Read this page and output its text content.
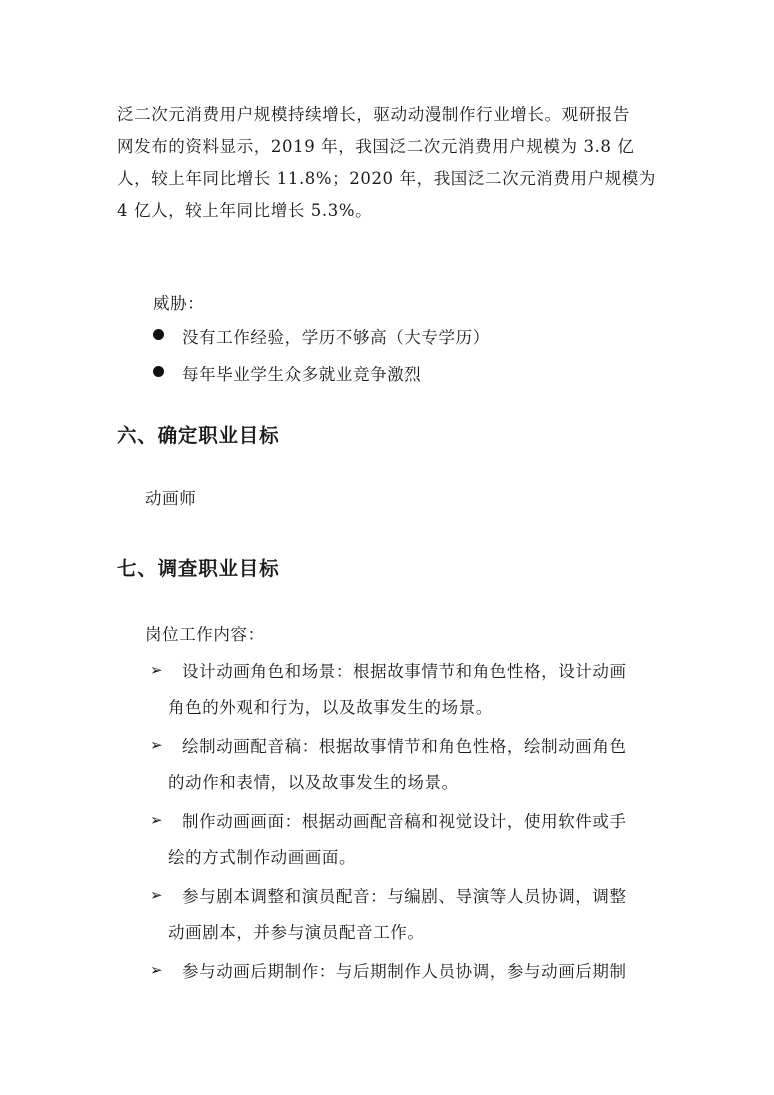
泛二次元消费用户规模持续增长，驱动动漫制作行业增长。观研报告
网发布的资料显示，2019 年，我国泛二次元消费用户规模为 3.8 亿
人，较上年同比增长 11.8%；2020 年，我国泛二次元消费用户规模为
4 亿人，较上年同比增长 5.3%。
威胁：
没有工作经验，学历不够高（大专学历）
每年毕业学生众多就业竞争激烈
六、确定职业目标
动画师
七、调查职业目标
岗位工作内容：
➢ 设计动画角色和场景：根据故事情节和角色性格，设计动画
角色的外观和行为，以及故事发生的场景。
➢ 绘制动画配音稿：根据故事情节和角色性格，绘制动画角色
的动作和表情，以及故事发生的场景。
➢ 制作动画画面：根据动画配音稿和视觉设计，使用软件或手
绘的方式制作动画画面。
➢ 参与剧本调整和演员配音：与编剧、导演等人员协调，调整
动画剧本，并参与演员配音工作。
➢ 参与动画后期制作：与后期制作人员协调，参与动画后期制
